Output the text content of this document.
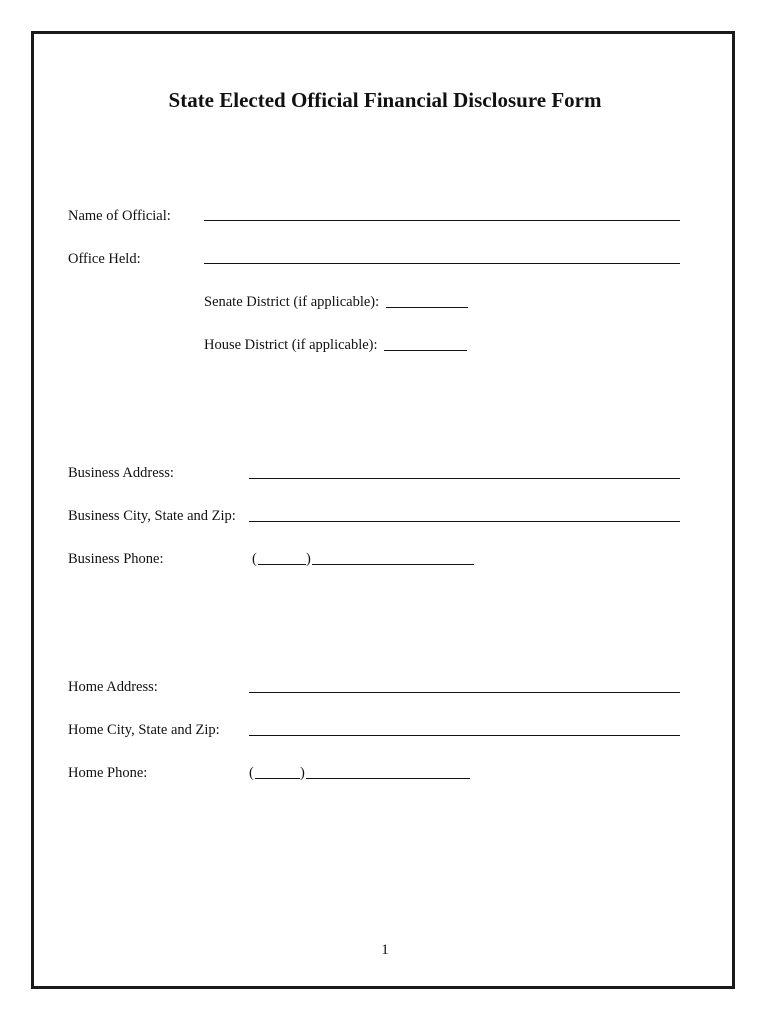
State Elected Official Financial Disclosure Form
Name of Official:
Office Held:
Senate District (if applicable):
House District (if applicable):
Business Address:
Business City, State and Zip:
Business Phone:	(	)
Home Address:
Home City, State and Zip:
Home Phone:	(	)
1
